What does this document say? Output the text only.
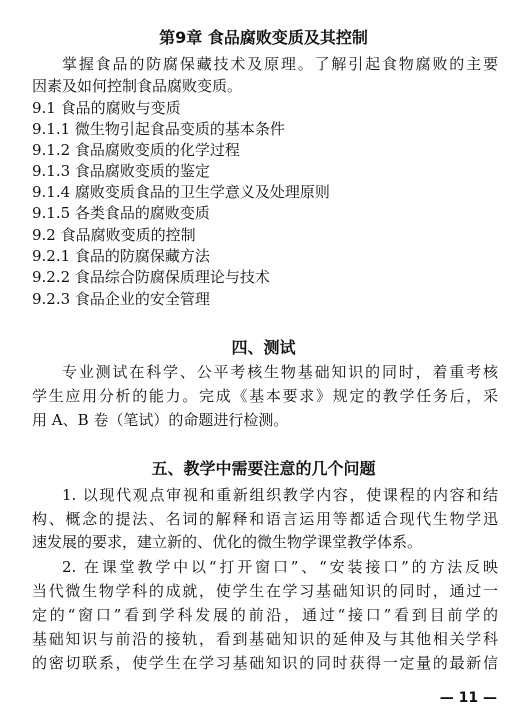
第9章 食品腐败变质及其控制

掌握食品的防腐保藏技术及原理。了解引起食物腐败的主要

因素及如何控制食品腐败变质。

9.1 食品的腐败与变质

9.1.1 微生物引起食品变质的基本条件

9.1.2 食品腐败变质的化学过程

9.1.3 食品腐败变质的鉴定

9.1.4 腐败变质食品的卫生学意义及处理原则

9.1.5 各类食品的腐败变质

9.2 食品腐败变质的控制

9.2.1 食品的防腐保藏方法

9.2.2 食品综合防腐保质理论与技术

9.2.3 食品企业的安全管理

四、测试

专业测试在科学、公平考核生物基础知识的同时，着重考核

学生应用分析的能力。完成《基本要求》规定的教学任务后，采

用 A、B 卷（笔试）的命题进行检测。

五、教学中需要注意的几个问题

1. 以现代观点审视和重新组织教学内容，使课程的内容和结

构、概念的提法、名词的解释和语言运用等都适合现代生物学迅

速发展的要求，建立新的、优化的微生物学课堂教学体系。

2. 在课堂教学中以“打开窗口”、“安装接口”的方法反映

当代微生物学科的成就，使学生在学习基础知识的同时，通过一

定的“窗口”看到学科发展的前沿，通过“接口”看到目前学的

基础知识与前沿的接轨，看到基础知识的延伸及与其他相关学科

的密切联系，使学生在学习基础知识的同时获得一定量的最新信

— 11 —
